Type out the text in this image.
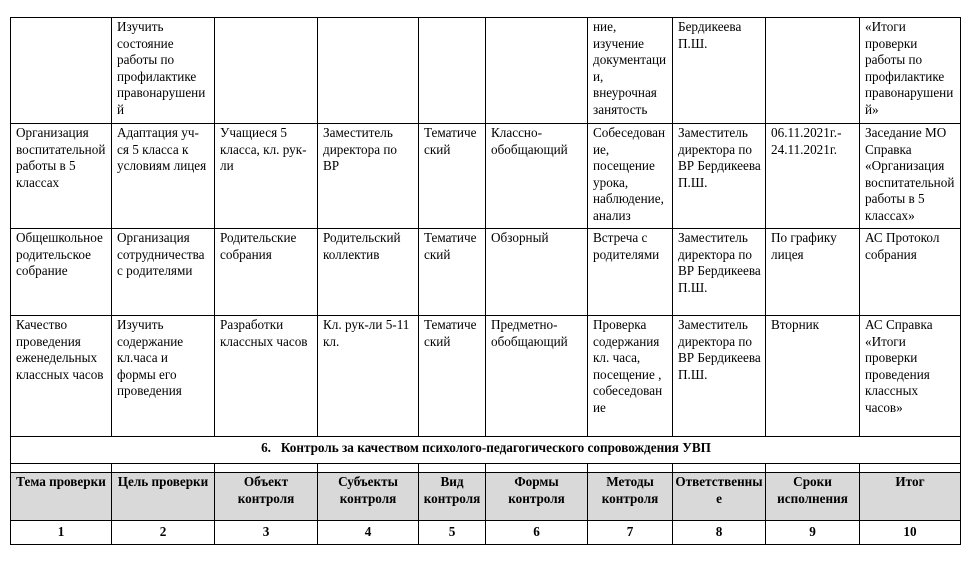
	Изучить состояние работы по профилактике правонарушений					ние, изучение документации, внеурочная занятость	Бердикеева П.Ш.		«Итоги проверки работы по профилактике правонарушений»
Организация воспитательной работы в 5 классах	Адаптация уч-ся 5 класса к условиям лицея	Учащиеся 5 класса, кл. рук-ли	Заместитель директора по ВР	Тематический	Классно-обобщающий	Собеседование, посещение урока, наблюдение, анализ	Заместитель директора по ВР Бердикеева П.Ш.	06.11.2021г.- 24.11.2021г.	Заседание МО Справка «Организация воспитательной работы в 5 классах»
Общешкольное родительское собрание	Организация сотрудничества с родителями	Родительские собрания	Родительский коллектив	Тематический	Обзорный	Встреча с родителями	Заместитель директора по ВР Бердикеева П.Ш.	По графику лицея	АС Протокол собрания
Качество проведения еженедельных классных часов	Изучить содержание кл.часа и формы его проведения	Разработки классных часов	Кл. рук-ли 5-11 кл.	Тематический	Предметно-обобщающий	Проверка содержания кл. часа, посещение , собеседование	Заместитель директора по ВР Бердикеева П.Ш.	Вторник	АС Справка «Итоги проверки проведения классных часов»
6. Контроль за качеством психолого-педагогического сопровождения УВП									

Тема проверки	Цель проверки	Объект контроля	Субъекты контроля	Вид контроля	Формы контроля	Методы контроля	Ответственные	Сроки исполнения	Итог
1	2	3	4	5	6	7	8	9	10
